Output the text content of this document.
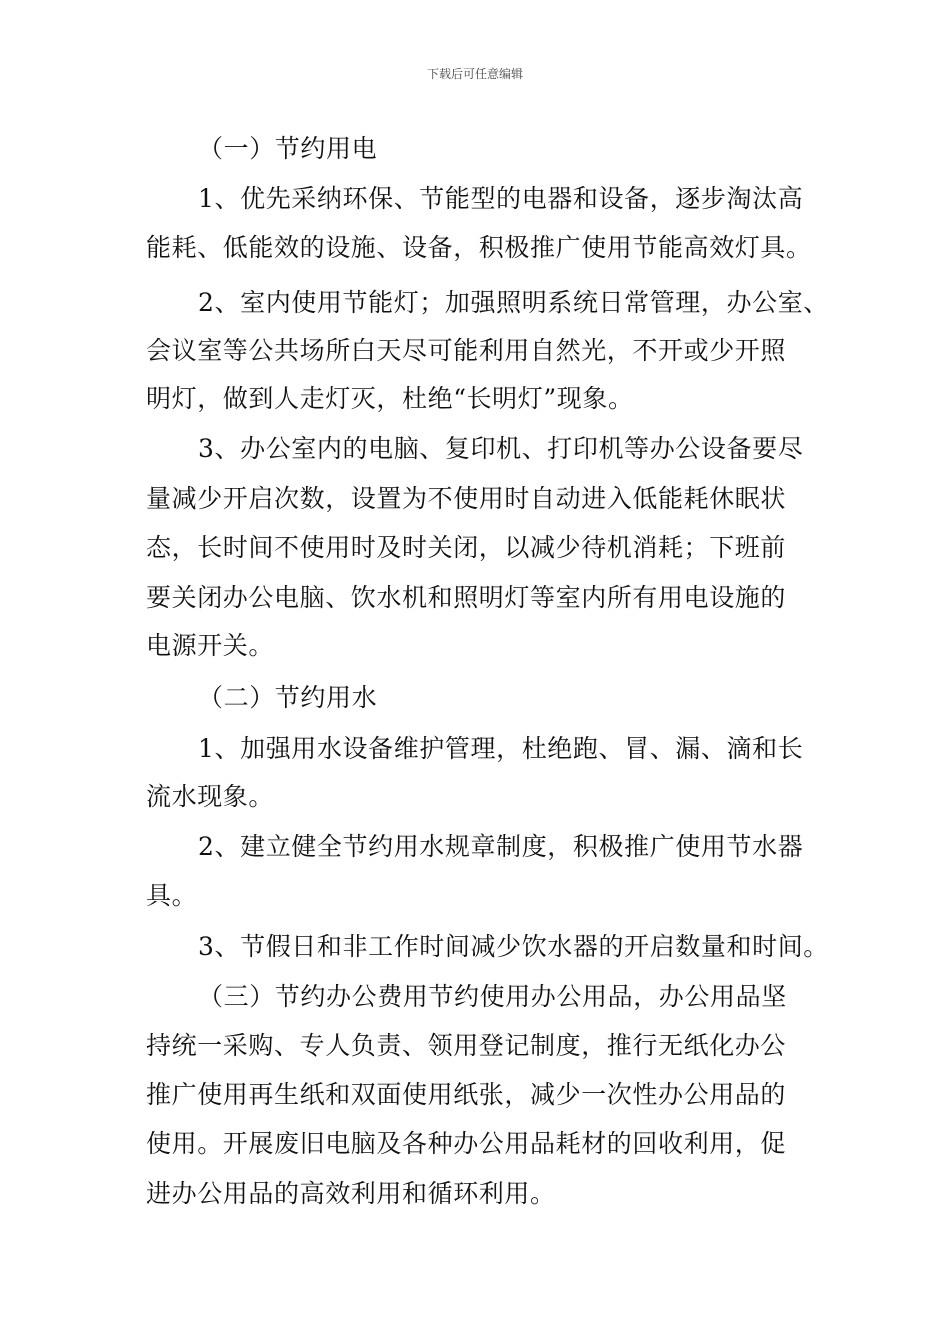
下载后可任意编辑
（一）节约用电
1、优先采纳环保、节能型的电器和设备，逐步淘汰高
能耗、低能效的设施、设备，积极推广使用节能高效灯具。
2、室内使用节能灯；加强照明系统日常管理，办公室、
会议室等公共场所白天尽可能利用自然光，不开或少开照
明灯，做到人走灯灭，杜绝“长明灯”现象。
3、办公室内的电脑、复印机、打印机等办公设备要尽
量减少开启次数，设置为不使用时自动进入低能耗休眠状
态，长时间不使用时及时关闭，以减少待机消耗；下班前
要关闭办公电脑、饮水机和照明灯等室内所有用电设施的
电源开关。
（二）节约用水
1、加强用水设备维护管理，杜绝跑、冒、漏、滴和长
流水现象。
2、建立健全节约用水规章制度，积极推广使用节水器
具。
3、节假日和非工作时间减少饮水器的开启数量和时间。
（三）节约办公费用节约使用办公用品，办公用品坚
持统一采购、专人负责、领用登记制度，推行无纸化办公
推广使用再生纸和双面使用纸张，减少一次性办公用品的
使用。开展废旧电脑及各种办公用品耗材的回收利用，促
进办公用品的高效利用和循环利用。
